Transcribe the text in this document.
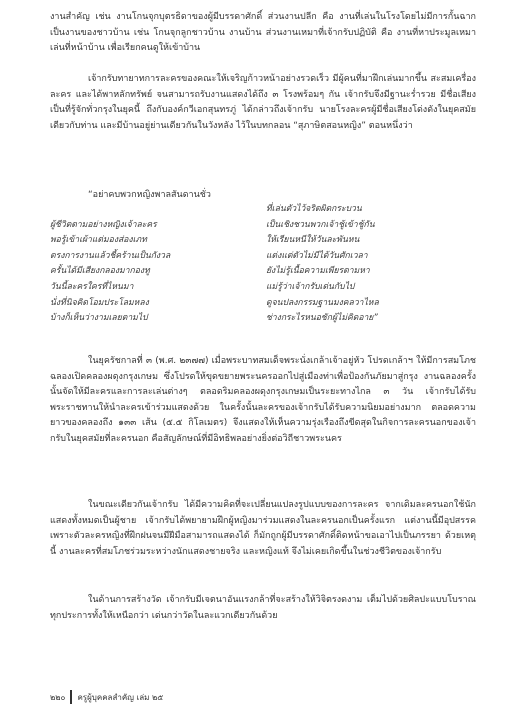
งานสำคัญ เช่น งานโกนจุกบุตรธิดาของผู้มีบรรดาศักดิ์ ส่วนงานปลีก คือ งานที่เล่นในโรงโดยไม่มีการกั้นฉาก เป็นงานของชาวบ้าน เช่น โกนจุกลูกชาวบ้าน งานบ้าน ส่วนงานเหมาที่เจ้ากรับปฏิบัติ คือ งานที่หาประมูลเหมาเล่นที่หน้าบ้าน เพื่อเรียกคนดูให้เข้าบ้าน

เจ้ากรับทายาทการละครของคณะให้เจริญก้าวหน้าอย่างรวดเร็ว มีผู้คนที่มาฝึกเล่นมากขึ้น สะสมเครื่องละคร และได้พาหลักทรัพย์ จนสามารถรับงานแสดงได้ถึง ๓ โรงพร้อมๆ กัน เจ้ากรับจึงมีฐานะร่ำรวย มีชื่อเสียงเป็นที่รู้จักทั่วกรุงในยุคนี้ ถึงกับองค์กวีเอกสุนทรภู่ ได้กล่าวถึงเจ้ากรับ นายโรงละครผู้มีชื่อเสียงโด่งดังในยุคสมัยเดียวกับท่าน และมีบ้านอยู่ย่านเดียวกันในวังหลัง ไว้ในบทกลอน “สุภาษิตสอนหญิง” ตอนหนึ่งว่า

“อย่าคบพวกหญิงพาลสันดานชั่ว
ที่เล่นตัวไว้จริตผิดกระบวน
ผู้ชีวิตตามอย่างหญิงเจ้าละคร	เป็นเชิงชวนพวกเจ้าชู้เข้าชู้กัน
พอรู้เข้าเผ้าแต่มองส่องเภท	ให้เรียนหนีให้วันละพันหน
ตรงการงานแล้วชี้คร้านเป็นกังวล	แต่งแต่ตัวไม่มีได้วันศักเวลา
ครั้นได้มีเสียงกลองมากองทู	ยังไม่รู้เนื้อความเพียรตามหา
วันนี้ละครใครที่ไหนมา	แม่รู้ว่าเจ้ากรับเด่นกับไป
นั่งที่นิจคิดโอมประโลมหลง	ดูจนปลงกรรมฐานมงคลวาไหล
บ้างก็เห็นว่างามเลยตามไป	ช่างกระไรหนอชักผู้ไม่คิดอาย”

ในยุครัชกาลที่ ๓ (พ.ศ. ๒๓๗๗) เมื่อพระบาทสมเด็จพระนั่งเกล้าเจ้าอยู่หัว โปรดเกล้าฯ ให้มีการสมโภชฉลองเปิดคลองผดุงกรุงเกษม ซึ่งโปรดให้ขุดขยายพระนครออกไปสู่เมืองท่าเพื่อป้องกันภัยมาสู่กรุง งานฉลองครั้งนั้นจัดให้มีละครและการละเล่นต่างๆ ตลอดริมคลองผดุงกรุงเกษมเป็นระยะทางไกล ๓ วัน เจ้ากรับได้รับพระราชทานให้นำละครเข้าร่วมแสดงด้วย ในครั้งนั้นละครของเจ้ากรับได้รับความนิยมอย่างมาก ตลอดความยาวของคลองถึง ๑๓๓ เส้น (๕.๕ กิโลเมตร) จึงแสดงให้เห็นความรุ่งเรืองถึงขีดสุดในกิจการละครนอกของเจ้ากรับในยุคสมัยที่ละครนอก คือสัญลักษณ์ที่มีอิทธิพลอย่างยิ่งต่อวิถีชาวพระนคร

ในขณะเดียวกันเจ้ากรับ ได้มีความคิดที่จะเปลี่ยนแปลงรูปแบบของการละคร จากเดิมละครนอกใช้นักแสดงทั้งหมดเป็นผู้ชาย เจ้ากรับได้พยายามฝึกผู้หญิงมาร่วมแสดงในละครนอกเป็นครั้งแรก แต่งานนี้มีอุปสรรค เพราะตัวละครหญิงที่ฝึกฝนจนมีฝีมือสามารถแสดงได้ ก็มักถูกผู้มีบรรดาศักดิ์ติดหน้าขอเอาไปเป็นภรรยา ด้วยเหตุนี้ งานละครที่สมโภชร่วมระหว่างนักแสดงชายจริง และหญิงแท้ จึงไม่เคยเกิดขึ้นในช่วงชีวิตของเจ้ากรับ

ในด้านการสร้างวัด เจ้ากรับมีเจตนาอันแรงกล้าที่จะสร้างให้วิจิตรงดงาม เต็มไปด้วยศิลปะแบบโบราณทุกประการทั้งให้เหนือกว่า เด่นกว่าวัดในละแวกเดียวกันด้วย

๒๒๐ ครูผู้บุคคลสำคัญ เล่ม ๒๕
